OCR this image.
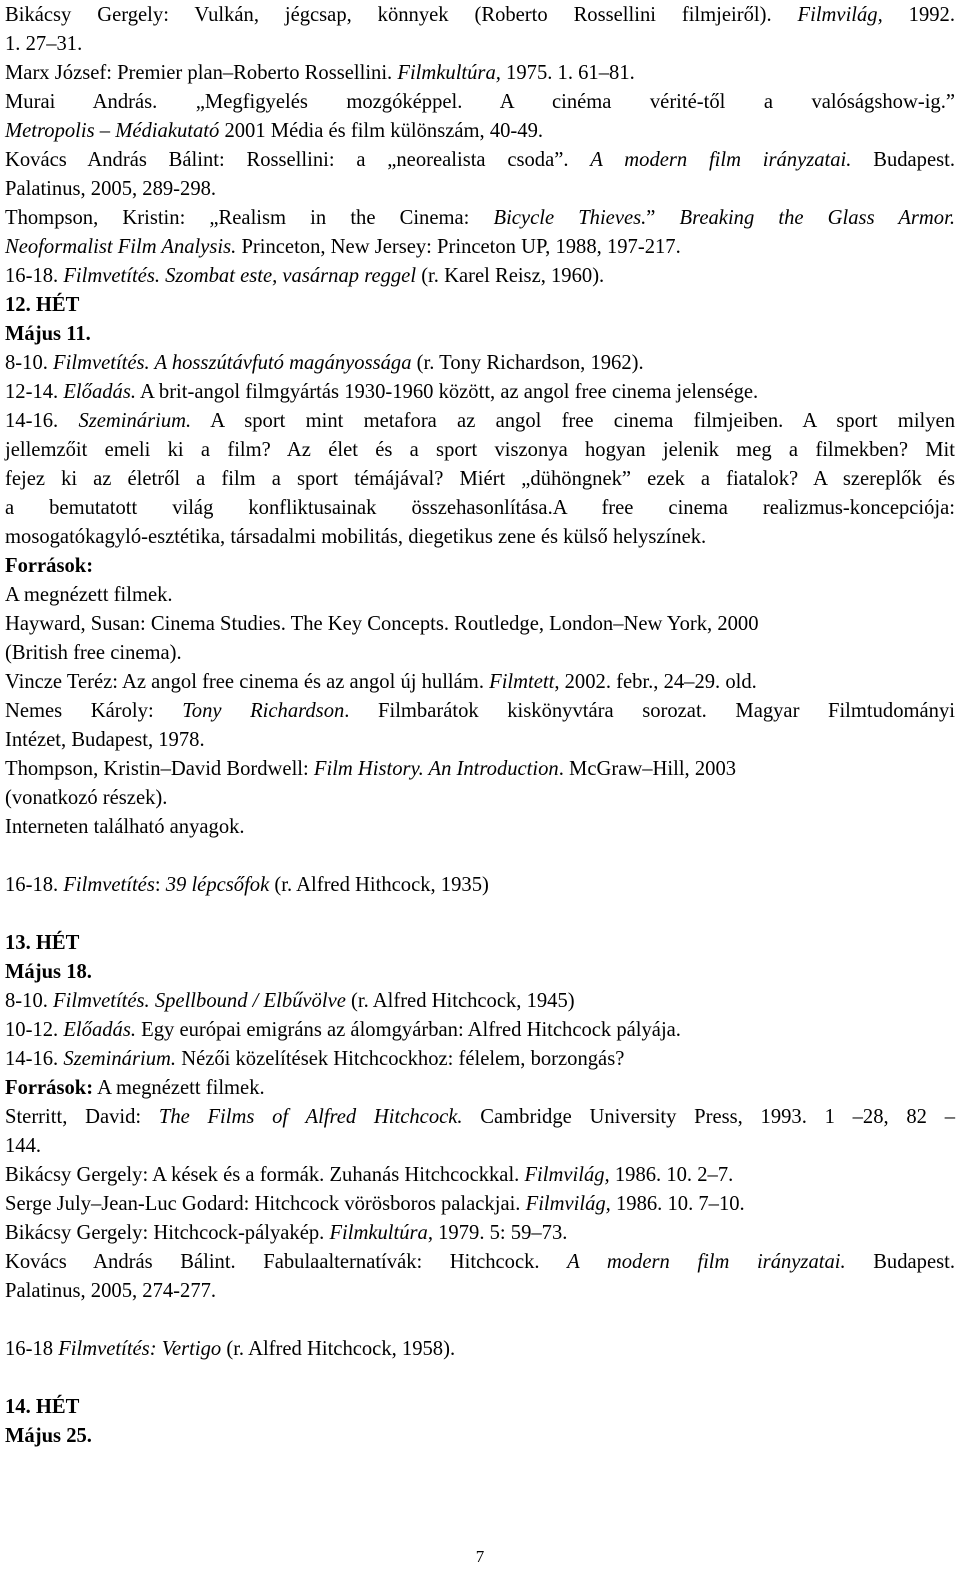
Bikácsy Gergely: Vulkán, jégcsap, könnyek (Roberto Rossellini filmjeiről). Filmvilág, 1992.
1. 27–31.
Marx József: Premier plan–Roberto Rossellini. Filmkultúra, 1975. 1. 61–81.
Murai András. „Megfigyelés mozgóképpel. A cinéma vérité-től a valóságshow-ig.”
Metropolis – Médiakutató 2001 Média és film különszám, 40-49.
Kovács András Bálint: Rossellini: a „neorealista csoda”. A modern film irányzatai. Budapest.
Palatinus, 2005, 289-298.
Thompson, Kristin: „Realism in the Cinema: Bicycle Thieves.” Breaking the Glass Armor.
Neoformalist Film Analysis. Princeton, New Jersey: Princeton UP, 1988, 197-217.
16-18. Filmvetítés. Szombat este, vasárnap reggel (r. Karel Reisz, 1960).
12. HÉT
Május 11.
8-10. Filmvetítés. A hosszútávfutó magányossága (r. Tony Richardson, 1962).
12-14. Előadás. A brit-angol filmgyártás 1930-1960 között, az angol free cinema jelensége.
14-16. Szeminárium. A sport mint metafora az angol free cinema filmjeiben. A sport milyen
jellemzőit emeli ki a film? Az élet és a sport viszonya hogyan jelenik meg a filmekben? Mit
fejez ki az életről a film a sport témájával? Miért „dühöngnek” ezek a fiatalok? A szereplők és
a bemutatott világ konfliktusainak összehasonlítása.A free cinema realizmus-koncepciója:
mosogatókagyló-esztétika, társadalmi mobilitás, diegetikus zene és külső helyszínek.
Források:
A megnézett filmek.
Hayward, Susan: Cinema Studies. The Key Concepts. Routledge, London–New York, 2000
(British free cinema).
Vincze Teréz: Az angol free cinema és az angol új hullám. Filmtett, 2002. febr., 24–29. old.
Nemes Károly: Tony Richardson. Filmbarátok kiskönyvtára sorozat. Magyar Filmtudományi
Intézet, Budapest, 1978.
Thompson, Kristin–David Bordwell: Film History. An Introduction. McGraw–Hill, 2003
(vonatkozó részek).
Interneten található anyagok.
16-18. Filmvetítés: 39 lépcsőfok (r. Alfred Hithcock, 1935)
13. HÉT
Május 18.
8-10. Filmvetítés. Spellbound / Elbűvölve (r. Alfred Hitchcock, 1945)
10-12. Előadás. Egy európai emigráns az álomgyárban: Alfred Hitchcock pályája.
14-16. Szeminárium. Nézői közelítések Hitchcockhoz: félelem, borzongás?
Források: A megnézett filmek.
Sterritt, David: The Films of Alfred Hitchcock. Cambridge University Press, 1993. 1 –28, 82 –
144.
Bikácsy Gergely: A kések és a formák. Zuhanás Hitchcockkal. Filmvilág, 1986. 10. 2–7.
Serge July–Jean-Luc Godard: Hitchcock vörösboros palackjai. Filmvilág, 1986. 10. 7–10.
Bikácsy Gergely: Hitchcock-pályakép. Filmkultúra, 1979. 5: 59–73.
Kovács András Bálint. Fabulaalternatívák: Hitchcock. A modern film irányzatai. Budapest.
Palatinus, 2005, 274-277.
16-18 Filmvetítés: Vertigo (r. Alfred Hitchcock, 1958).
14. HÉT
Május 25.
7
